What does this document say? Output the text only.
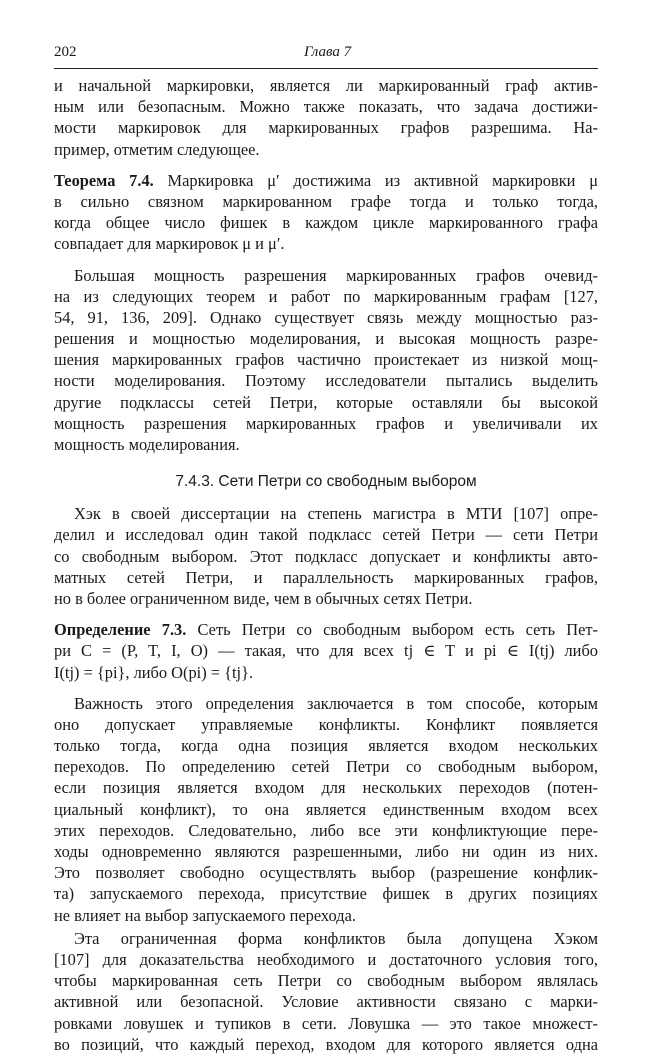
202	Глава 7
и начальной маркировки, является ли маркированный граф актив-
ным или безопасным. Можно также показать, что задача достижи-
мости маркировок для маркированных графов разрешима. На-
пример, отметим следующее.
Теорема 7.4. Маркировка μ′ достижима из активной маркировки μ
в сильно связном маркированном графе тогда и только тогда,
когда общее число фишек в каждом цикле маркированного графа
совпадает для маркировок μ и μ′.
Большая мощность разрешения маркированных графов очевид-
на из следующих теорем и работ по маркированным графам [127,
54, 91, 136, 209]. Однако существует связь между мощностью раз-
решения и мощностью моделирования, и высокая мощность разре-
шения маркированных графов частично проистекает из низкой мощ-
ности моделирования. Поэтому исследователи пытались выделить
другие подклассы сетей Петри, которые оставляли бы высокой
мощность разрешения маркированных графов и увеличивали их
мощность моделирования.
7.4.3. Сети Петри со свободным выбором
Хэк в своей диссертации на степень магистра в МТИ [107] опре-
делил и исследовал один такой подкласс сетей Петри — сети Петри
со свободным выбором. Этот подкласс допускает и конфликты авто-
матных сетей Петри, и параллельность маркированных графов,
но в более ограниченном виде, чем в обычных сетях Петри.
Определение 7.3. Сеть Петри со свободным выбором есть сеть Пет-
ри C = (P, T, I, O) — такая, что для всех tj ∈ T и pi ∈ I(tj) либо
I(tj) = {pi}, либо O(pi) = {tj}.
Важность этого определения заключается в том способе, которым
оно допускает управляемые конфликты. Конфликт появляется
только тогда, когда одна позиция является входом нескольких
переходов. По определению сетей Петри со свободным выбором,
если позиция является входом для нескольких переходов (потен-
циальный конфликт), то она является единственным входом всех
этих переходов. Следовательно, либо все эти конфликтующие пере-
ходы одновременно являются разрешенными, либо ни один из них.
Это позволяет свободно осуществлять выбор (разрешение конфлик-
та) запускаемого перехода, присутствие фишек в других позициях
не влияет на выбор запускаемого перехода.
Эта ограниченная форма конфликтов была допущена Хэком
[107] для доказательства необходимого и достаточного условия того,
чтобы маркированная сеть Петри со свободным выбором являлась
активной или безопасной. Условие активности связано с марки-
ровками ловушек и тупиков в сети. Ловушка — это такое множест-
во позиций, что каждый переход, входом для которого является одна
